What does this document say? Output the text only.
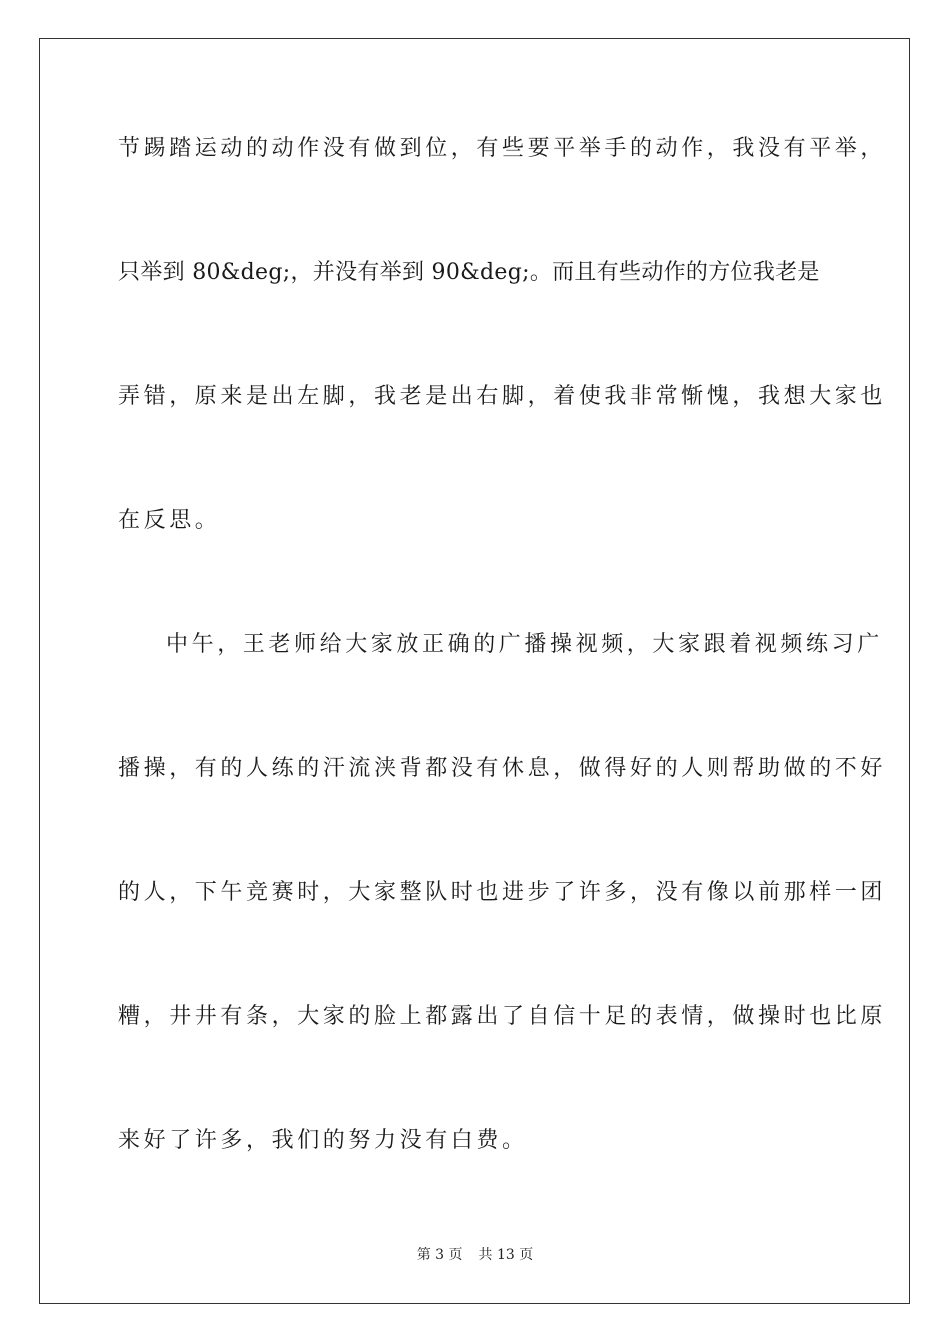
节踢踏运动的动作没有做到位，有些要平举手的动作，我没有平举，
只举到 80&deg;，并没有举到 90&deg;。而且有些动作的方位我老是
弄错，原来是出左脚，我老是出右脚，着使我非常惭愧，我想大家也
在反思。
中午，王老师给大家放正确的广播操视频，大家跟着视频练习广
播操，有的人练的汗流浃背都没有休息，做得好的人则帮助做的不好
的人，下午竞赛时，大家整队时也进步了许多，没有像以前那样一团
糟，井井有条，大家的脸上都露出了自信十足的表情，做操时也比原
来好了许多，我们的努力没有白费。
第 3 页 共 13 页
